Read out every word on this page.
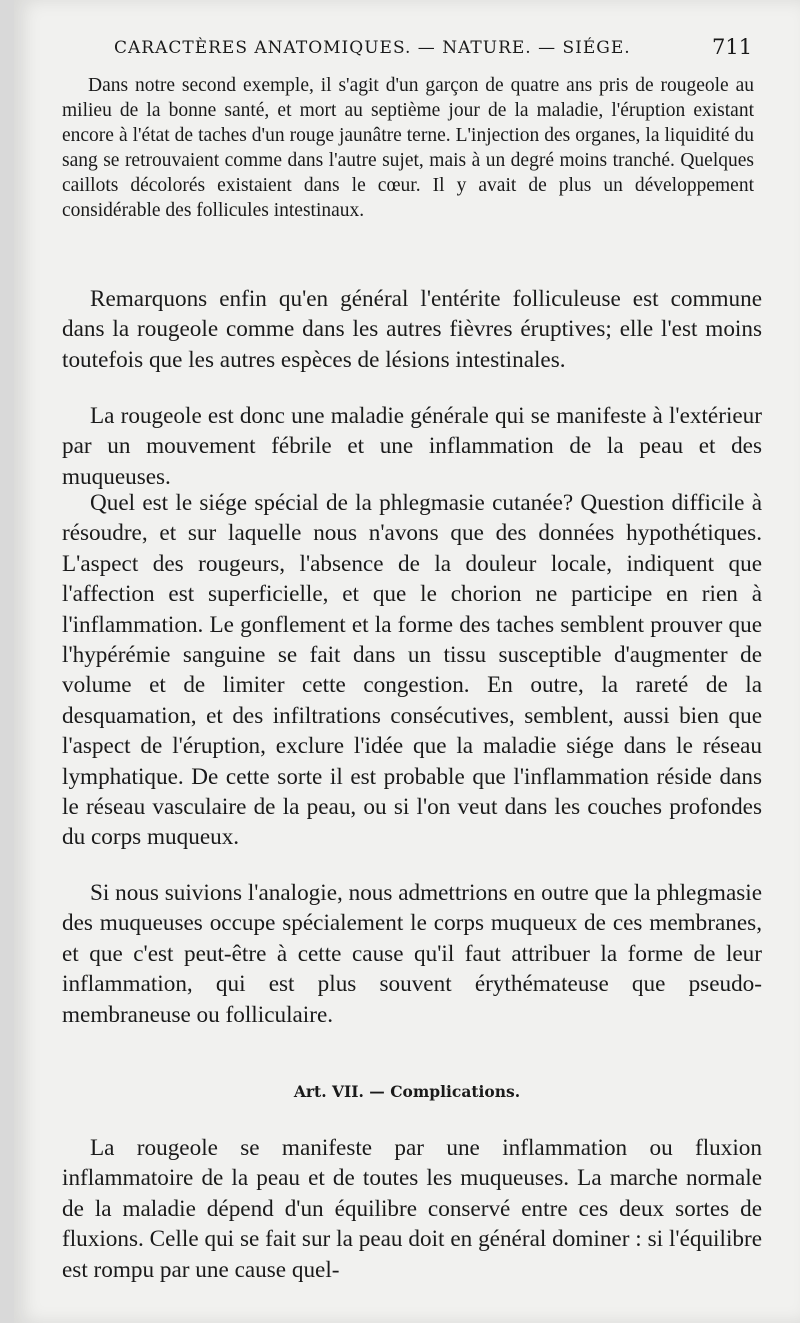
CARACTÈRES ANATOMIQUES. — NATURE. — SIÉGE.	711

Dans notre second exemple, il s'agit d'un garçon de quatre ans pris de rougeole au milieu de la bonne santé, et mort au septième jour de la maladie, l'éruption existant encore à l'état de taches d'un rouge jaunâtre terne. L'injection des organes, la liquidité du sang se retrouvaient comme dans l'autre sujet, mais à un degré moins tranché. Quelques caillots décolorés existaient dans le cœur. Il y avait de plus un développement considérable des follicules intestinaux.

Remarquons enfin qu'en général l'entérite folliculeuse est commune dans la rougeole comme dans les autres fièvres éruptives; elle l'est moins toutefois que les autres espèces de lésions intestinales.

La rougeole est donc une maladie générale qui se manifeste à l'extérieur par un mouvement fébrile et une inflammation de la peau et des muqueuses.

Quel est le siége spécial de la phlegmasie cutanée? Question difficile à résoudre, et sur laquelle nous n'avons que des données hypothétiques. L'aspect des rougeurs, l'absence de la douleur locale, indiquent que l'affection est superficielle, et que le chorion ne participe en rien à l'inflammation. Le gonflement et la forme des taches semblent prouver que l'hypérémie sanguine se fait dans un tissu susceptible d'augmenter de volume et de limiter cette congestion. En outre, la rareté de la desquamation, et des infiltrations consécutives, semblent, aussi bien que l'aspect de l'éruption, exclure l'idée que la maladie siége dans le réseau lymphatique. De cette sorte il est probable que l'inflammation réside dans le réseau vasculaire de la peau, ou si l'on veut dans les couches profondes du corps muqueux.

Si nous suivions l'analogie, nous admettrions en outre que la phlegmasie des muqueuses occupe spécialement le corps muqueux de ces membranes, et que c'est peut-être à cette cause qu'il faut attribuer la forme de leur inflammation, qui est plus souvent érythémateuse que pseudo-membraneuse ou folliculaire.

Art. VII. — Complications.

La rougeole se manifeste par une inflammation ou fluxion inflammatoire de la peau et de toutes les muqueuses. La marche normale de la maladie dépend d'un équilibre conservé entre ces deux sortes de fluxions. Celle qui se fait sur la peau doit en général dominer : si l'équilibre est rompu par une cause quel-
